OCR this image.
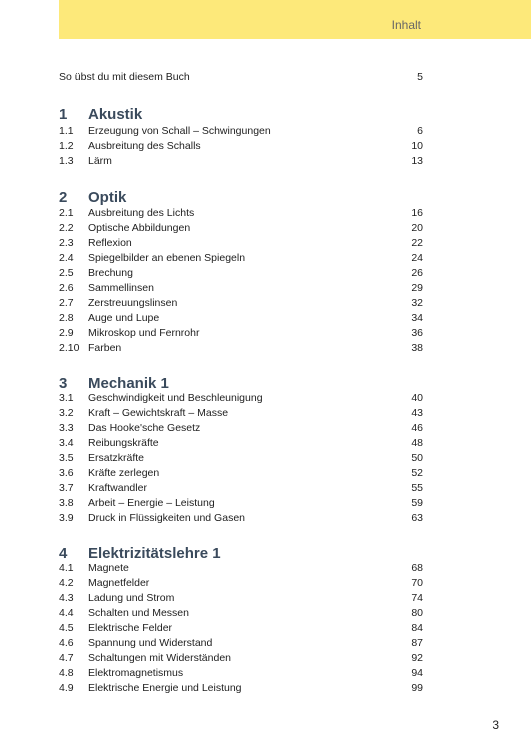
Inhalt
So übst du mit diesem Buch	5
1 Akustik
1.1 Erzeugung von Schall – Schwingungen	6
1.2 Ausbreitung des Schalls	10
1.3 Lärm	13
2 Optik
2.1 Ausbreitung des Lichts	16
2.2 Optische Abbildungen	20
2.3 Reflexion	22
2.4 Spiegelbilder an ebenen Spiegeln	24
2.5 Brechung	26
2.6 Sammellinsen	29
2.7 Zerstreuungslinsen	32
2.8 Auge und Lupe	34
2.9 Mikroskop und Fernrohr	36
2.10 Farben	38
3 Mechanik 1
3.1 Geschwindigkeit und Beschleunigung	40
3.2 Kraft – Gewichtskraft – Masse	43
3.3 Das Hooke'sche Gesetz	46
3.4 Reibungskräfte	48
3.5 Ersatzkräfte	50
3.6 Kräfte zerlegen	52
3.7 Kraftwandler	55
3.8 Arbeit – Energie – Leistung	59
3.9 Druck in Flüssigkeiten und Gasen	63
4 Elektrizitätslehre 1
4.1 Magnete	68
4.2 Magnetfelder	70
4.3 Ladung und Strom	74
4.4 Schalten und Messen	80
4.5 Elektrische Felder	84
4.6 Spannung und Widerstand	87
4.7 Schaltungen mit Widerständen	92
4.8 Elektromagnetismus	94
4.9 Elektrische Energie und Leistung	99
3
